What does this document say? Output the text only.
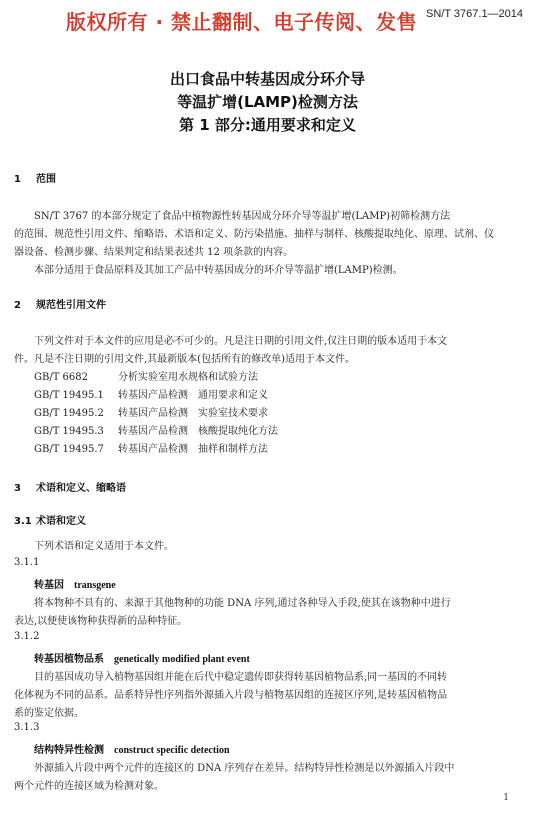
版权所有 · 禁止翻制、电子传阅、发售 SN/T 3767.1—2014
出口食品中转基因成分环介导
等温扩增(LAMP)检测方法
第 1 部分:通用要求和定义
1 范围
SN/T 3767 的本部分规定了食品中植物源性转基因成分环介导等温扩增(LAMP)初筛检测方法
的范围、规范性引用文件、缩略语、术语和定义、防污染措施、抽样与制样、核酸提取纯化、原理、试剂、仪
器设备、检测步骤、结果判定和结果表述共 12 项条款的内容。
本部分适用于食品原料及其加工产品中转基因成分的环介导等温扩增(LAMP)检测。
2 规范性引用文件
下列文件对于本文件的应用是必不可少的。凡是注日期的引用文件,仅注日期的版本适用于本文
件。凡是不注日期的引用文件,其最新版本(包括所有的修改单)适用于本文件。
GB/T 6682	分析实验室用水规格和试验方法
GB/T 19495.1 转基因产品检测　通用要求和定义
GB/T 19495.2 转基因产品检测　实验室技术要求
GB/T 19495.3 转基因产品检测　核酸提取纯化方法
GB/T 19495.7 转基因产品检测　抽样和制样方法
3 术语和定义、缩略语
3.1 术语和定义
下列术语和定义适用于本文件。
3.1.1
转基因 transgene
将本物种不具有的、来源于其他物种的功能 DNA 序列,通过各种导入手段,使其在该物种中进行
表达,以便使该物种获得新的品种特征。
3.1.2
转基因植物品系 genetically modified plant event
目的基因成功导入植物基因组并能在后代中稳定遗传即获得转基因植物品系,同一基因的不同转
化体视为不同的品系。品系特异性序列指外源插入片段与植物基因组的连接区序列,是转基因植物品
系的鉴定依据。
3.1.3
结构特异性检测 construct specific detection
外源插入片段中两个元件的连接区的 DNA 序列存在差异。结构特异性检测是以外源插入片段中
两个元件的连接区域为检测对象。
1
